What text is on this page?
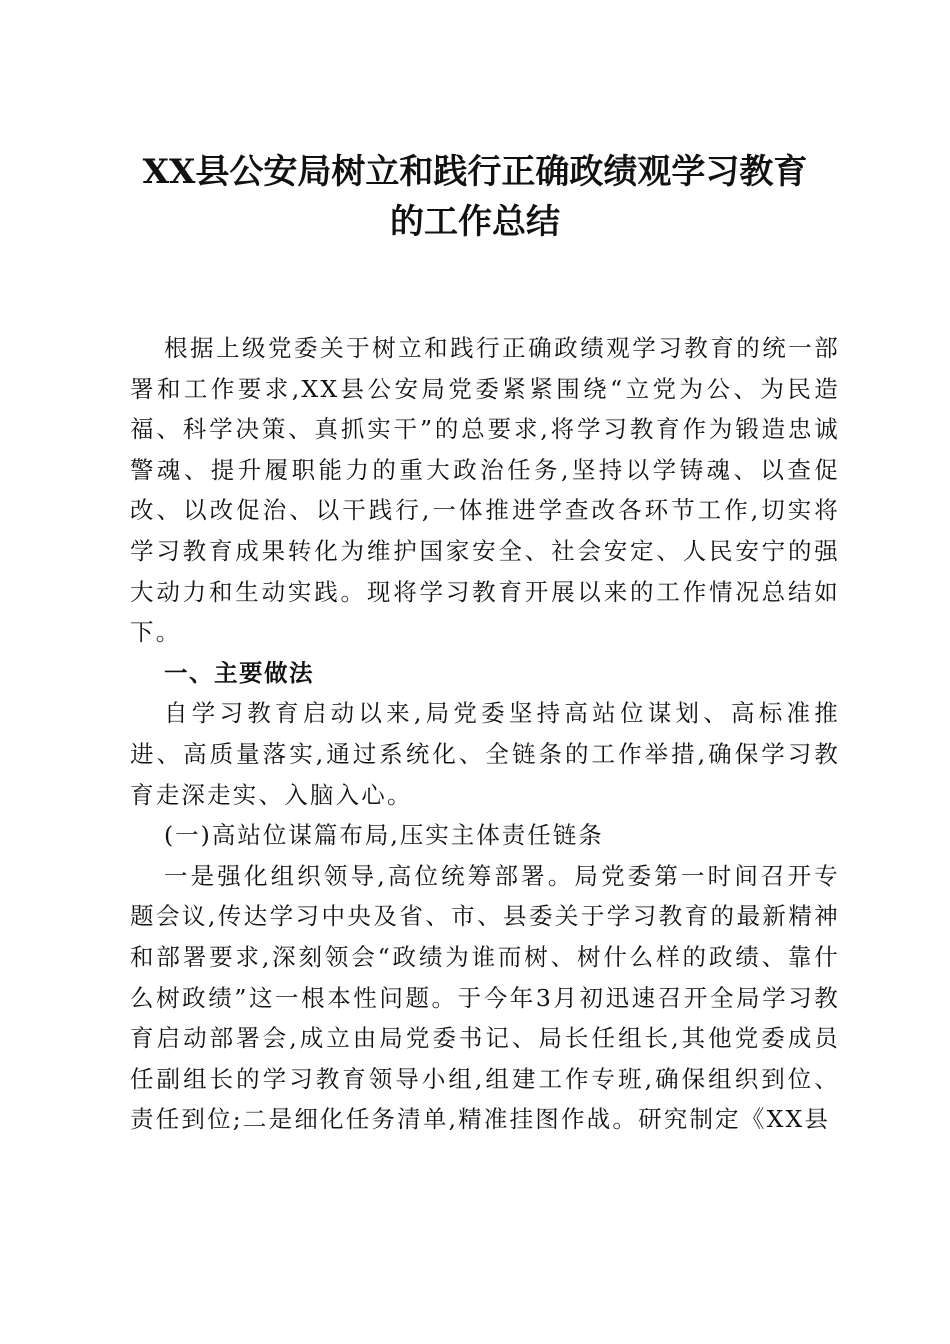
XX县公安局树立和践行正确政绩观学习教育
的工作总结

根据上级党委关于树立和践行正确政绩观学习教育的统一部署和工作要求,XX县公安局党委紧紧围绕“立党为公、为民造福、科学决策、真抓实干”的总要求,将学习教育作为锻造忠诚警魂、提升履职能力的重大政治任务,坚持以学铸魂、以查促改、以改促治、以干践行,一体推进学查改各环节工作,切实将学习教育成果转化为维护国家安全、社会安定、人民安宁的强大动力和生动实践。现将学习教育开展以来的工作情况总结如下。

一、主要做法

自学习教育启动以来,局党委坚持高站位谋划、高标准推进、高质量落实,通过系统化、全链条的工作举措,确保学习教育走深走实、入脑入心。

(一)高站位谋篇布局,压实主体责任链条

一是强化组织领导,高位统筹部署。局党委第一时间召开专题会议,传达学习中央及省、市、县委关于学习教育的最新精神和部署要求,深刻领会“政绩为谁而树、树什么样的政绩、靠什么树政绩”这一根本性问题。于今年3月初迅速召开全局学习教育启动部署会,成立由局党委书记、局长任组长,其他党委成员任副组长的学习教育领导小组,组建工作专班,确保组织到位、责任到位;二是细化任务清单,精准挂图作战。研究制定《XX县
